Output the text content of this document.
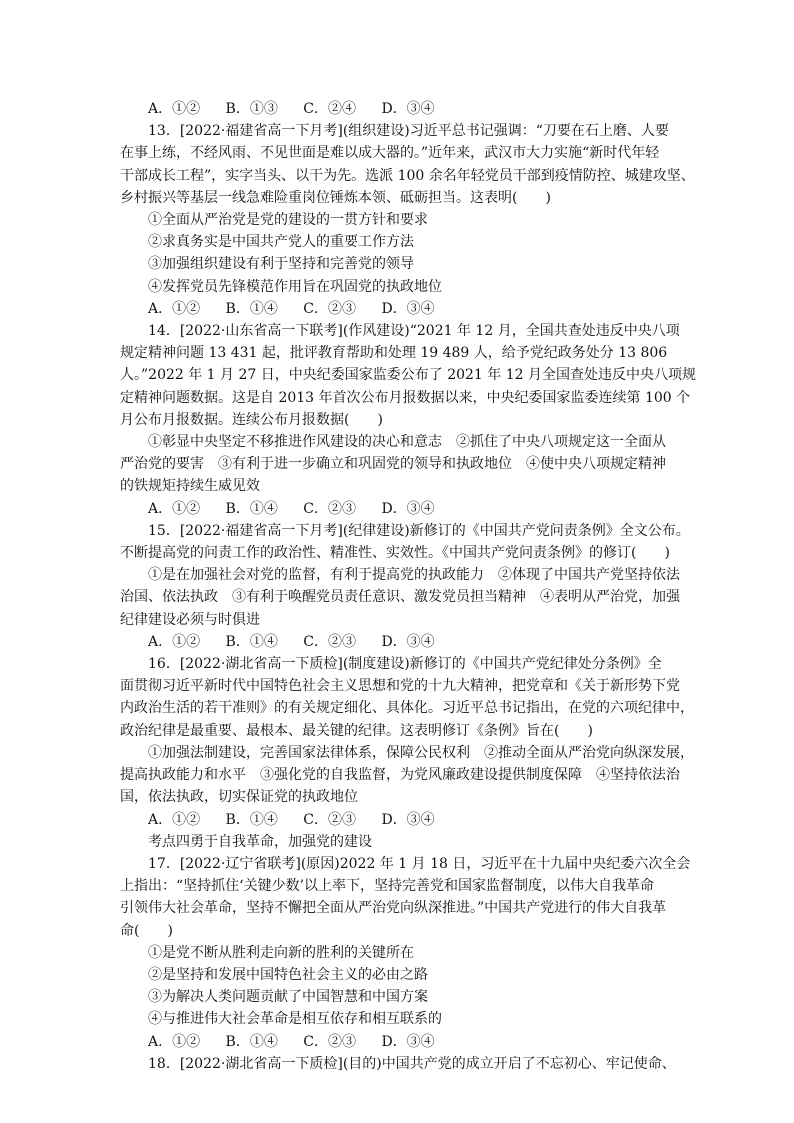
A．①②　 B．①③　 C．②④　 D．③④

13．[2022·福建省高一下月考](组织建设)习近平总书记强调：“刀要在石上磨、人要

在事上练，不经风雨、不见世面是难以成大器的。”近年来，武汉市大力实施“新时代年轻

干部成长工程”，实字当头、以干为先。选派 100 余名年轻党员干部到疫情防控、城建攻坚、

乡村振兴等基层一线急难险重岗位锤炼本领、砥砺担当。这表明(　　)

①全面从严治党是党的建设的一贯方针和要求

②求真务实是中国共产党人的重要工作方法

③加强组织建设有利于坚持和完善党的领导

④发挥党员先锋模范作用旨在巩固党的执政地位

A．①②　 B．①④　 C．②③　 D．③④

14．[2022·山东省高一下联考](作风建设)“2021 年 12 月，全国共查处违反中央八项

规定精神问题 13 431 起，批评教育帮助和处理 19 489 人，给予党纪政务处分 13 806

人。”2022 年 1 月 27 日，中央纪委国家监委公布了 2021 年 12 月全国查处违反中央八项规

定精神问题数据。这是自 2013 年首次公布月报数据以来，中央纪委国家监委连续第 100 个

月公布月报数据。连续公布月报数据(　　)

①彰显中央坚定不移推进作风建设的决心和意志　②抓住了中央八项规定这一全面从

严治党的要害　③有利于进一步确立和巩固党的领导和执政地位　④使中央八项规定精神

的铁规矩持续生威见效

A．①②　 B．①④　 C．②③　 D．③④

15．[2022·福建省高一下月考](纪律建设)新修订的《中国共产党问责条例》全文公布。

不断提高党的问责工作的政治性、精准性、实效性。《中国共产党问责条例》的修订(　　)

①是在加强社会对党的监督，有利于提高党的执政能力　②体现了中国共产党坚持依法

治国、依法执政　③有利于唤醒党员责任意识、激发党员担当精神　④表明从严治党，加强

纪律建设必须与时俱进

A．①②　 B．①④　 C．②③　 D．③④

16．[2022·湖北省高一下质检](制度建设)新修订的《中国共产党纪律处分条例》全

面贯彻习近平新时代中国特色社会主义思想和党的十九大精神，把党章和《关于新形势下党

内政治生活的若干准则》的有关规定细化、具体化。习近平总书记指出，在党的六项纪律中，

政治纪律是最重要、最根本、最关键的纪律。这表明修订《条例》旨在(　　)

①加强法制建设，完善国家法律体系，保障公民权利　②推动全面从严治党向纵深发展，

提高执政能力和水平　③强化党的自我监督，为党风廉政建设提供制度保障　④坚持依法治

国，依法执政，切实保证党的执政地位

A．①②　 B．①④　 C．②③　 D．③④

考点四勇于自我革命，加强党的建设

17．[2022·辽宁省联考](原因)2022 年 1 月 18 日，习近平在十九届中央纪委六次全会

上指出：“坚持抓住‘关键少数’以上率下，坚持完善党和国家监督制度，以伟大自我革命

引领伟大社会革命，坚持不懈把全面从严治党向纵深推进。”中国共产党进行的伟大自我革

命(　　)

①是党不断从胜利走向新的胜利的关键所在

②是坚持和发展中国特色社会主义的必由之路

③为解决人类问题贡献了中国智慧和中国方案

④与推进伟大社会革命是相互依存和相互联系的

A．①②　 B．①④　 C．②③　 D．③④

18．[2022·湖北省高一下质检](目的)中国共产党的成立开启了不忘初心、牢记使命、
